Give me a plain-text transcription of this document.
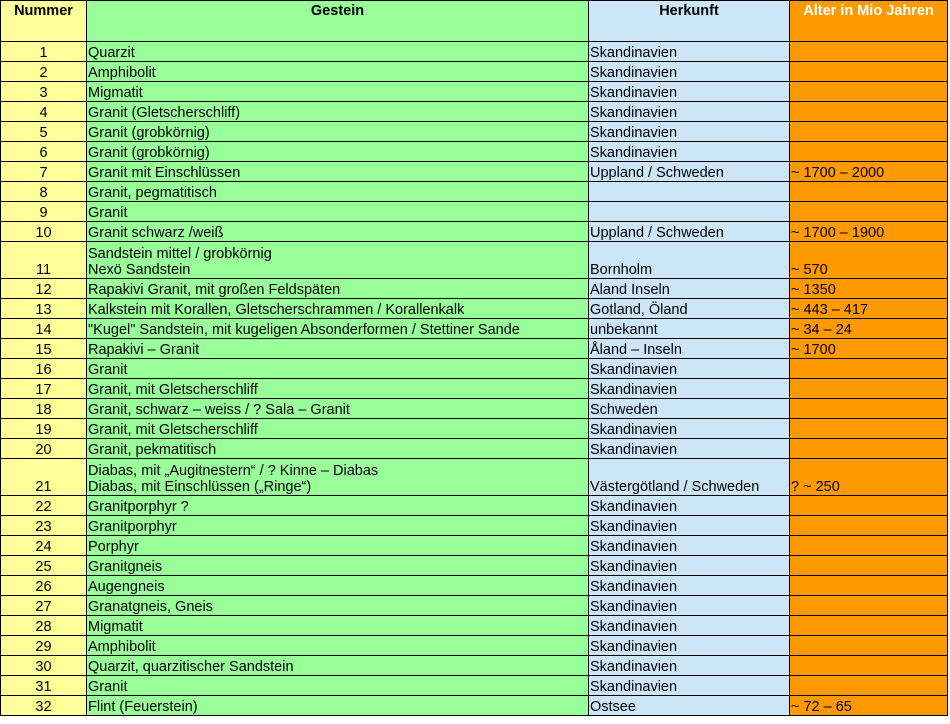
Nummer	Gestein	Herkunft	Alter in Mio Jahren
1	Quarzit	Skandinavien	
2	Amphibolit	Skandinavien	
3	Migmatit	Skandinavien	
4	Granit (Gletscherschliff)	Skandinavien	
5	Granit (grobkörnig)	Skandinavien	
6	Granit (grobkörnig)	Skandinavien	
7	Granit mit Einschlüssen	Uppland / Schweden	~ 1700 – 2000
8	Granit, pegmatitisch		

9	Granit		

10	Granit schwarz /weiß	Uppland / Schweden	~ 1700 – 1900
11	Sandstein mittel / grobkörnig
Nexö Sandstein	Bornholm	~ 570
12	Rapakivi Granit, mit großen Feldspäten	Aland Inseln	~ 1350
13	Kalkstein mit Korallen, Gletscherschrammen / Korallenkalk	Gotland, Öland	~ 443 – 417
14	"Kugel" Sandstein, mit kugeligen Absonderformen / Stettiner Sande	unbekannt	~ 34 – 24
15	Rapakivi – Granit	Åland – Inseln	~ 1700
16	Granit	Skandinavien	
17	Granit, mit Gletscherschliff	Skandinavien	
18	Granit, schwarz – weiss / ? Sala – Granit	Schweden	
19	Granit, mit Gletscherschliff	Skandinavien	
20	Granit, pekmatitisch	Skandinavien	
21	Diabas, mit „Augitnestern“ / ? Kinne – Diabas
Diabas, mit Einschlüssen („Ringe“)	Västergötland / Schweden	? ~ 250
22	Granitporphyr ?	Skandinavien	
23	Granitporphyr	Skandinavien	
24	Porphyr	Skandinavien	
25	Granitgneis	Skandinavien	
26	Augengneis	Skandinavien	
27	Granatgneis, Gneis	Skandinavien	
28	Migmatit	Skandinavien	
29	Amphibolit	Skandinavien	
30	Quarzit, quarzitischer Sandstein	Skandinavien	
31	Granit	Skandinavien	
32	Flint (Feuerstein)	Ostsee	~ 72 – 65
